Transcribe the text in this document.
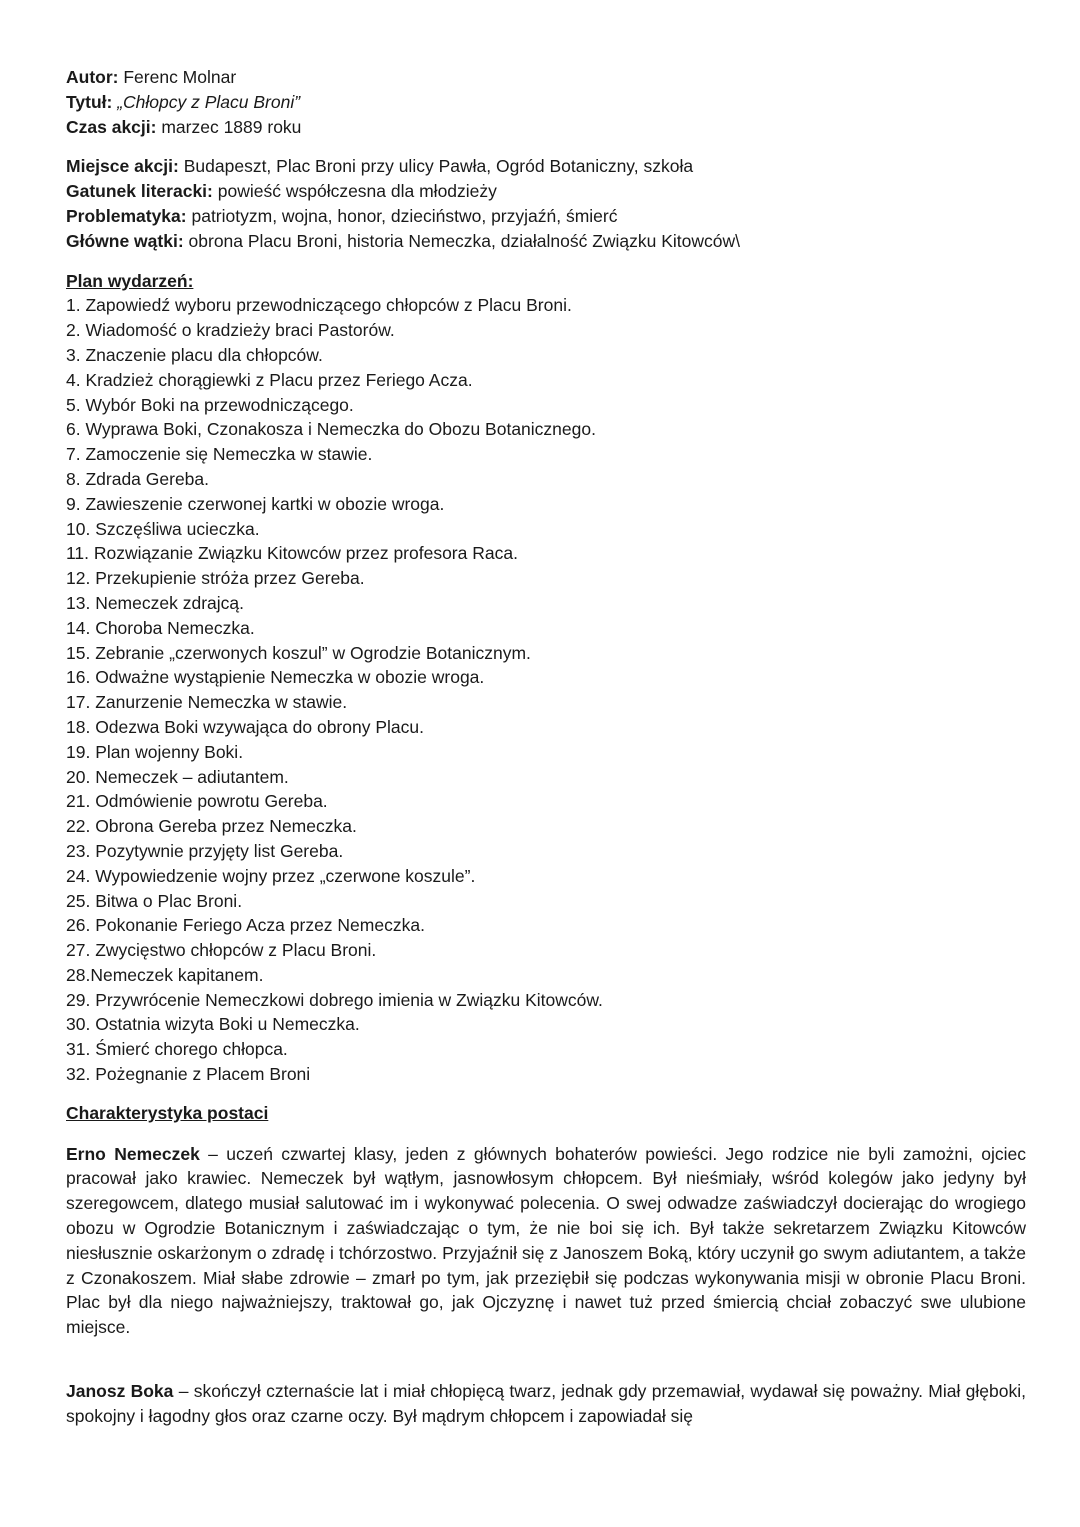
Autor: Ferenc Molnar
Tytuł: „Chłopcy z Placu Broni”
Czas akcji: marzec 1889 roku
Miejsce akcji: Budapeszt, Plac Broni przy ulicy Pawła, Ogród Botaniczny, szkoła
Gatunek literacki: powieść współczesna dla młodzieży
Problematyka: patriotyzm, wojna, honor, dzieciństwo, przyjaźń, śmierć
Główne wątki: obrona Placu Broni, historia Nemeczka, działalność Związku Kitowców\
Plan wydarzeń:
1. Zapowiedź wyboru przewodniczącego chłopców z Placu Broni.
2. Wiadomość o kradzieży braci Pastorów.
3. Znaczenie placu dla chłopców.
4. Kradzież chorągiewki z Placu przez Feriego Acza.
5. Wybór Boki na przewodniczącego.
6. Wyprawa Boki, Czonakosza i Nemeczka do Obozu Botanicznego.
7. Zamoczenie się Nemeczka w stawie.
8. Zdrada Gereba.
9. Zawieszenie czerwonej kartki w obozie wroga.
10. Szczęśliwa ucieczka.
11. Rozwiązanie Związku Kitowców przez profesora Raca.
12. Przekupienie stróża przez Gereba.
13. Nemeczek zdrajcą.
14. Choroba Nemeczka.
15. Zebranie „czerwonych koszul” w Ogrodzie Botanicznym.
16. Odważne wystąpienie Nemeczka w obozie wroga.
17. Zanurzenie Nemeczka w stawie.
18. Odezwa Boki wzywająca do obrony Placu.
19. Plan wojenny Boki.
20. Nemeczek – adiutantem.
21. Odmówienie powrotu Gereba.
22. Obrona Gereba przez Nemeczka.
23. Pozytywnie przyjęty list Gereba.
24. Wypowiedzenie wojny przez „czerwone koszule”.
25. Bitwa o Plac Broni.
26. Pokonanie Feriego Acza przez Nemeczka.
27. Zwycięstwo chłopców z Placu Broni.
28.Nemeczek kapitanem.
29. Przywrócenie Nemeczkowi dobrego imienia w Związku Kitowców.
30. Ostatnia wizyta Boki u Nemeczka.
31. Śmierć chorego chłopca.
32. Pożegnanie z Placem Broni
Charakterystyka postaci

Erno Nemeczek – uczeń czwartej klasy, jeden z głównych bohaterów powieści. Jego rodzice nie byli zamożni, ojciec pracował jako krawiec. Nemeczek był wątłym, jasnowłosym chłopcem. Był nieśmiały, wśród kolegów jako jedyny był szeregowcem, dlatego musiał salutować im i wykonywać polecenia. O swej odwadze zaświadczył docierając do wrogiego obozu w Ogrodzie Botanicznym i zaświadczając o tym, że nie boi się ich. Był także sekretarzem Związku Kitowców niesłusznie oskarżonym o zdradę i tchórzostwo. Przyjaźnił się z Janoszem Boką, który uczynił go swym adiutantem, a także z Czonakoszem. Miał słabe zdrowie – zmarł po tym, jak przeziębił się podczas wykonywania misji w obronie Placu Broni. Plac był dla niego najważniejszy, traktował go, jak Ojczyznę i nawet tuż przed śmiercią chciał zobaczyć swe ulubione miejsce.

Janosz Boka – skończył czternaście lat i miał chłopięcą twarz, jednak gdy przemawiał, wydawał się poważny. Miał głęboki, spokojny i łagodny głos oraz czarne oczy. Był mądrym chłopcem i zapowiadał się
